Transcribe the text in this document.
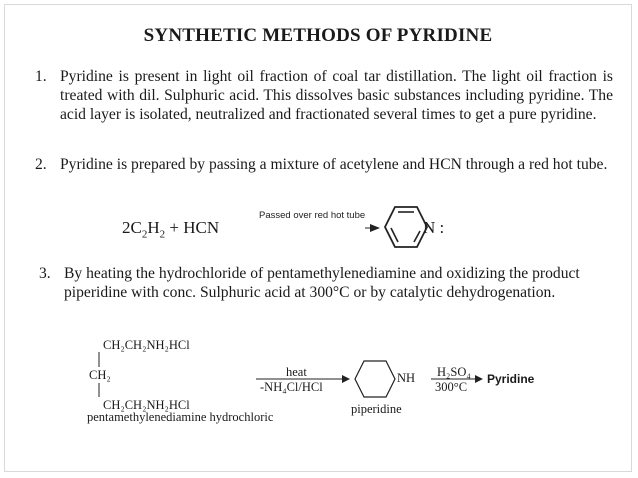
SYNTHETIC METHODS OF PYRIDINE
1. Pyridine is present in light oil fraction of coal tar distillation. The light oil fraction is treated with dil. Sulphuric acid. This dissolves basic substances including pyridine. The acid layer is isolated, neutralized and fractionated several times to get a pure pyridine.
2. Pyridine is prepared by passing a mixture of acetylene and HCN through a red hot tube.
$2C_2H_2$ + HCN
Passed over red hot tube
N :
3. By heating the hydrochloride of pentamethylenediamine and oxidizing the product piperidine with conc. Sulphuric acid at 300°C or by catalytic dehydrogenation.
CH₂CH₂NH₂HCl
CH₂
CH₂CH₂NH₂HCl
pentamethylenediamine hydrochloric
heat
-NH₄Cl/HCl
NH
piperidine
H₂SO₄
300°C
Pyridine
